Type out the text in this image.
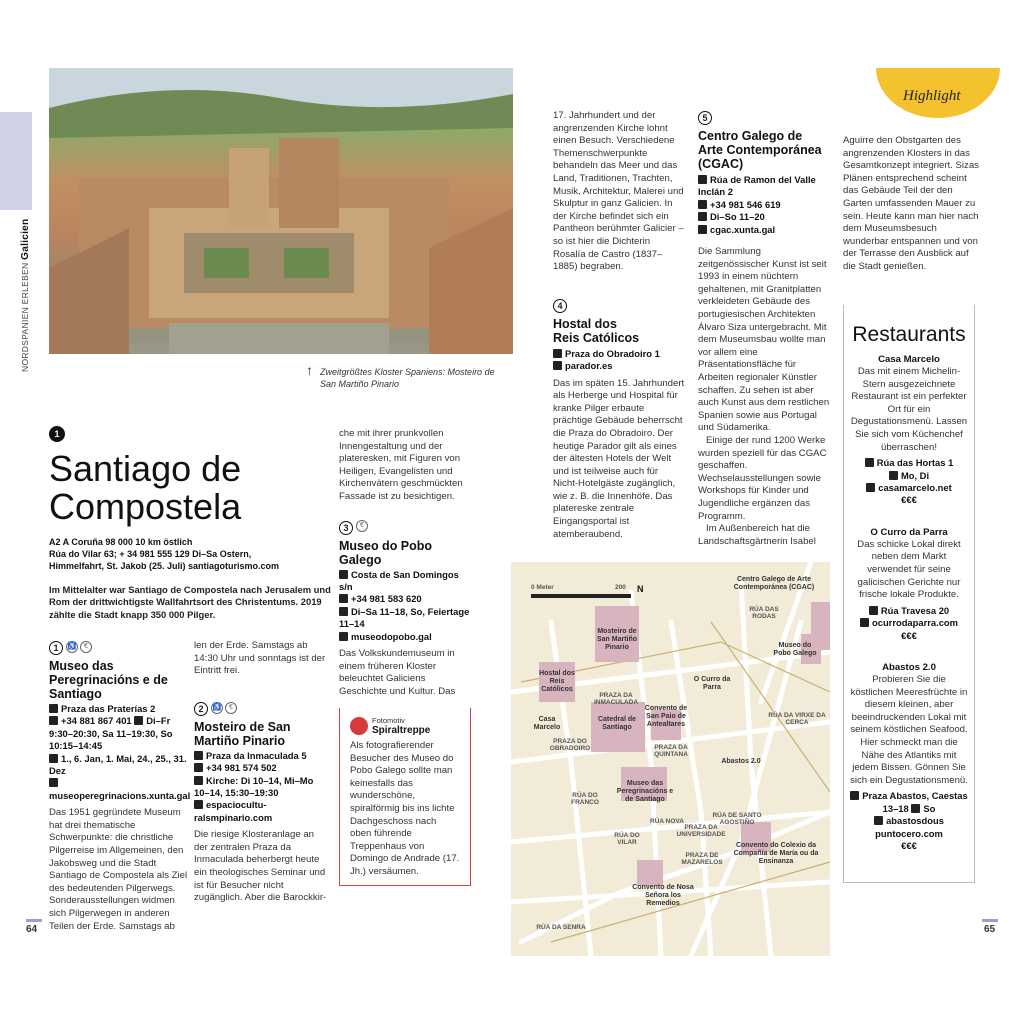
NORDSPANIEN ERLEBEN Galicien
↑ Zweitgrößtes Kloster Spaniens: Mosteiro de San Martiño Pinario
1
Santiago de
Compostela
A2 A Coruña 98 000 10 km östlich
Rúa do Vilar 63; + 34 981 555 129 Di–Sa Ostern,
Himmelfahrt, St. Jakob (25. Juli) santiagoturismo.com

Im Mittelalter war Santiago de Compostela nach Jerusalem und Rom der drittwichtigste Wallfahrtsort des Christentums. 2019 zählte die Stadt knapp 350 000 Pilger.

1 ♿ €

Museo das Peregrinacións e de Santiago

Praza das Praterías 2
+34 881 867 401 Di–Fr 9:30–20:30, Sa 11–19:30, So 10:15–14:45
1., 6. Jan, 1. Mai, 24., 25., 31. Dez
museoperegrinacions.xunta.gal

Das 1951 gegründete Museum hat drei thematische Schwerpunkte: die christliche Pilgerreise im Allgemeinen, den Jakobsweg und die Stadt Santiago de Compostela als Ziel des bedeutenden Pilgerwegs. Sonderausstellungen widmen sich Pilgerwegen in anderen Teilen der Erde. Samstags ab

len der Erde. Samstags ab 14:30 Uhr und sonntags ist der Eintritt frei.

2 ♿ €

Mosteiro de San Martiño Pinario

Praza da Inmaculada 5
+34 981 574 502
Kirche: Di 10–14, Mi–Mo 10–14, 15:30–19:30
espacioculturalsmpinario.com

Die riesige Klosteranlage an der zentralen Praza da Inmaculada beherbergt heute ein theologisches Seminar und ist für Besucher nicht zugänglich. Aber die Barockkir-

che mit ihrer prunkvollen Innengestaltung und der plateresken, mit Figuren von Heiligen, Evangelisten und Kirchenvätern geschmückten Fassade ist zu besichtigen.

3 €

Museo do Pobo Galego

Costa de San Domingos s/n
+34 981 583 620
Di–Sa 11–18, So, Feiertage 11–14
museodopobo.gal

Das Volkskundemuseum in einem früheren Kloster beleuchtet Galiciens Geschichte und Kultur. Das

Fotomotiv
Spiraltreppe

Als fotografierender Besucher des Museo do Pobo Galego sollte man keinesfalls das wunderschöne, spiralförmig bis ins lichte Dachgeschoss nach oben führende Treppenhaus von Domingo de Andrade (17. Jh.) versäumen.

17. Jahrhundert und der angrenzenden Kirche lohnt einen Besuch. Verschiedene Themenschwerpunkte behandeln das Meer und das Land, Traditionen, Trachten, Musik, Architektur, Malerei und Skulptur in ganz Galicien. In der Kirche befindet sich ein Pantheon berühmter Galicier – so ist hier die Dichterin Rosalía de Castro (1837–1885) begraben.

4

Hostal dos
Reis Católicos

Praza do Obradoiro 1
parador.es

Das im späten 15. Jahrhundert als Herberge und Hospital für kranke Pilger erbaute prächtige Gebäude beherrscht die Praza do Obradoiro. Der heutige Parador gilt als eines der ältesten Hotels der Welt und ist teilweise auch für Nicht-Hotelgäste zugänglich, wie z. B. die Innenhöfe. Das platereske zentrale Eingangsportal ist atemberaubend.

5

Centro Galego de Arte Contemporánea (CGAC)

Rúa de Ramon del Valle Inclán 2
+34 981 546 619
Di–So 11–20
cgac.xunta.gal

Die Sammlung zeitgenössischer Kunst ist seit 1993 in einem nüchtern gehaltenen, mit Granitplatten verkleideten Gebäude des portugiesischen Architekten Álvaro Siza untergebracht. Mit dem Museumsbau wollte man vor allem eine Präsentationsfläche für Arbeiten regionaler Künstler schaffen. Zu sehen ist aber auch Kunst aus dem restlichen Spanien sowie aus Portugal und Südamerika.

Einige der rund 1200 Werke wurden speziell für das CGAC geschaffen. Wechselausstellungen sowie Workshops für Kinder und Jugendliche ergänzen das Programm.

Im Außenbereich hat die Landschaftsgärtnerin Isabel

Highlight

Aguirre den Obstgarten des angrenzenden Klosters in das Gesamtkonzept integriert. Sizas Plänen entsprechend scheint das Gebäude Teil der den Garten umfassenden Mauer zu sein. Heute kann man hier nach dem Museumsbesuch wunderbar entspannen und von der Terrasse den Ausblick auf die Stadt genießen.

Restaurants
Casa Marcelo

Das mit einem Michelin-Stern ausgezeichnete Restaurant ist ein perfekter Ort für ein Degustationsmenü. Lassen Sie sich vom Küchenchef überraschen!

Rúa das Hortas 1
Mo, Di
casamarcelo.net
€€€
O Curro da Parra

Das schicke Lokal direkt neben dem Markt verwendet für seine galicischen Gerichte nur frische lokale Produkte.

Rúa Travesa 20
ocurrodaparra.com
€€€
Abastos 2.0

Probieren Sie die köstlichen Meeresfrüchte in diesem kleinen, aber beeindruckenden Lokal mit seinem köstlichen Seafood. Hier schmeckt man die Nähe des Atlantiks mit jedem Bissen. Gönnen Sie sich ein Degustationsmenü.

Praza Abastos, Caestas 13–18 So
abastosdous puntocero.com
€€€
0 Meter	200 N
Hostal dos Reis Católicos
Mosteiro de San Martiño Pinario
Catedral de Santiago
Convento de San Paio de Antealtares
Museo das Peregrinacións e de Santiago
Museo do Pobo Galego
Centro Galego de Arte Contemporánea (CGAC)
Convento do Colexio da Compañía de María ou da Ensinanza
Convento de Nosa Señora los Remedios
Casa Marcelo
O Curro da Parra
Abastos 2.0
PRAZA DO OBRADOIRO
PRAZA DA INMACULADA
PRAZA DA QUINTANA
RÚA DO VILAR
RÚA NOVA
RÚA DA SENRA
RÚA DAS RODAS
PRAZA DA UNIVERSIDADE
PRAZA DE MAZARELOS
RÚA DA VIRXE DA CERCA
RÚA DE SANTO AGOSTIÑO
RÚA DO FRANCO
64	65
